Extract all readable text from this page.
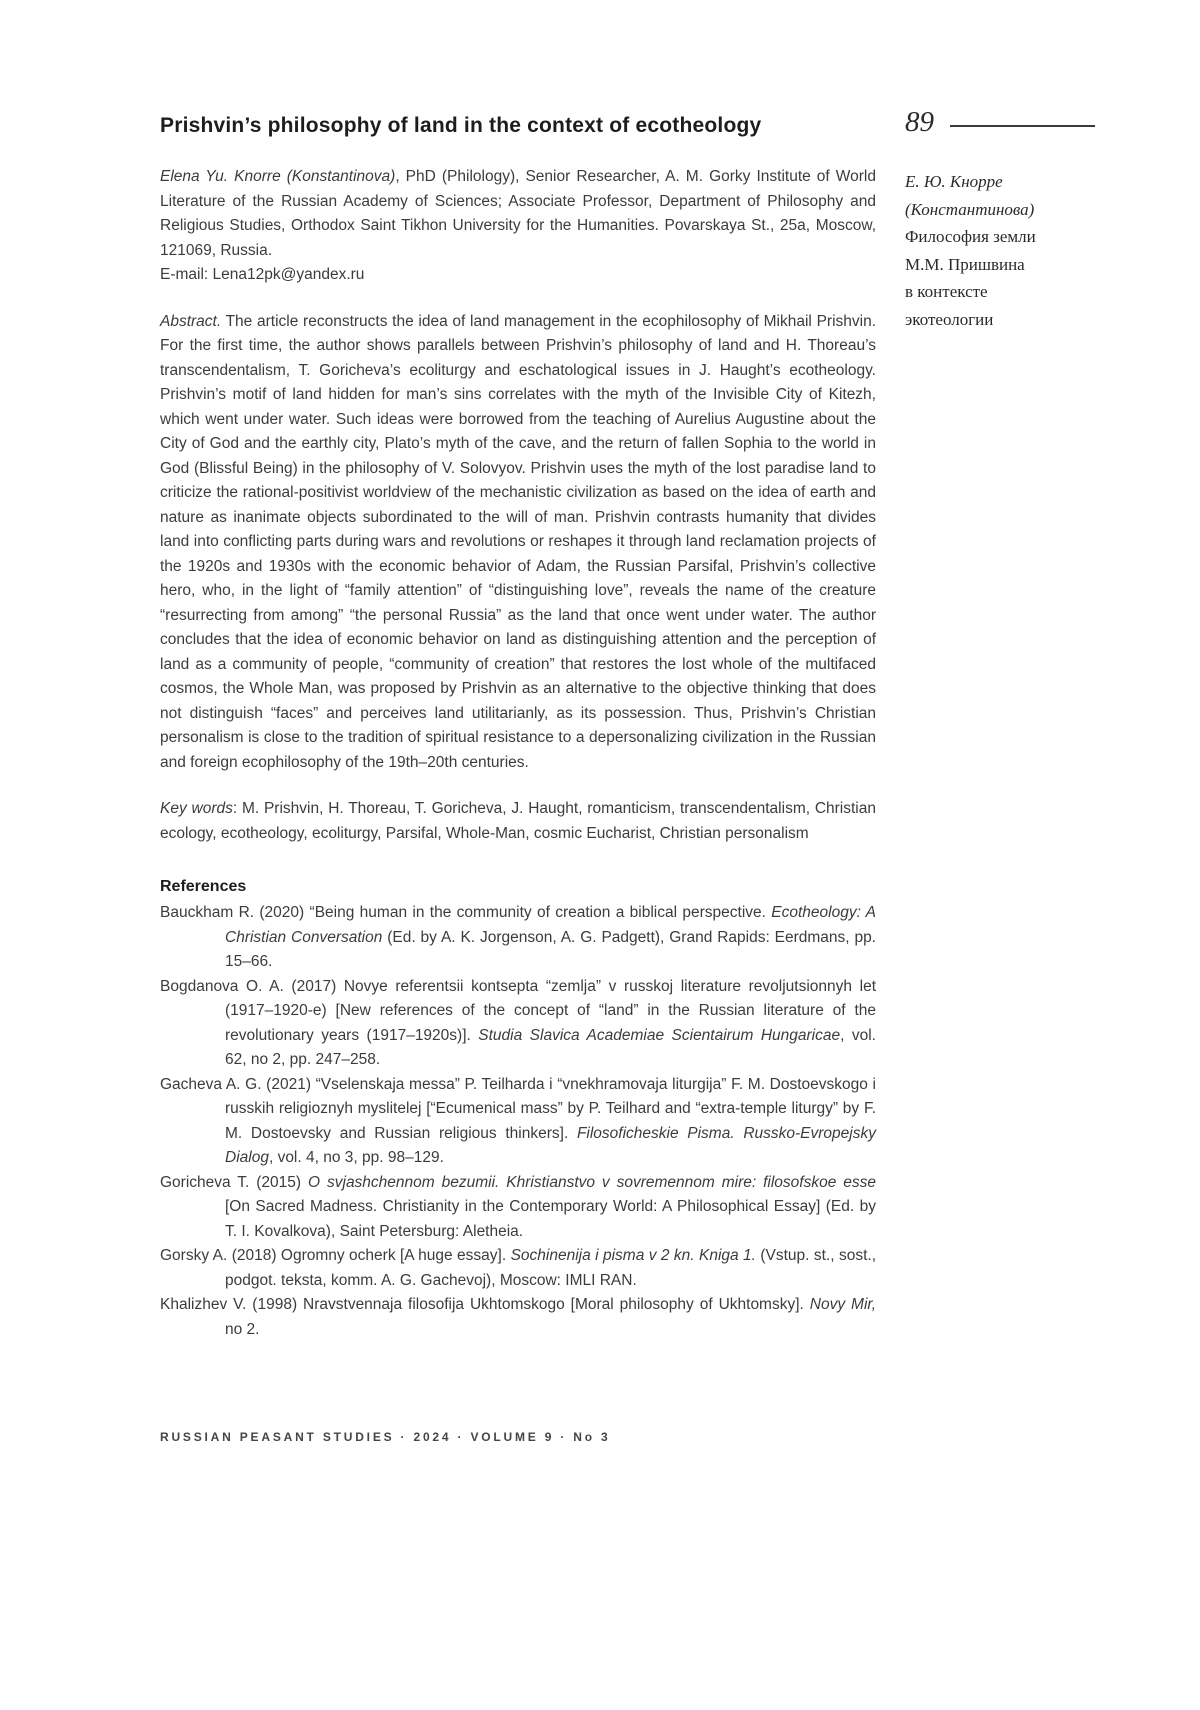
Prishvin’s philosophy of land in the context of ecotheology

Elena Yu. Knorre (Konstantinova), PhD (Philology), Senior Researcher, A. M. Gorky Institute of World Literature of the Russian Academy of Sciences; Associate Professor, Department of Philosophy and Religious Studies, Orthodox Saint Tikhon University for the Humanities. Povarskaya St., 25a, Moscow, 121069, Russia.

E-mail: Lena12pk@yandex.ru

Abstract. The article reconstructs the idea of land management in the ecophilosophy of Mikhail Prishvin. For the first time, the author shows parallels between Prishvin’s philosophy of land and H. Thoreau’s transcendentalism, T. Goricheva’s ecoliturgy and eschatological issues in J. Haught’s ecotheology. Prishvin’s motif of land hidden for man’s sins correlates with the myth of the Invisible City of Kitezh, which went under water. Such ideas were borrowed from the teaching of Aurelius Augustine about the City of God and the earthly city, Plato’s myth of the cave, and the return of fallen Sophia to the world in God (Blissful Being) in the philosophy of V. Solovyov. Prishvin uses the myth of the lost paradise land to criticize the rational-positivist worldview of the mechanistic civilization as based on the idea of earth and nature as inanimate objects subordinated to the will of man. Prishvin contrasts humanity that divides land into conflicting parts during wars and revolutions or reshapes it through land reclamation projects of the 1920s and 1930s with the economic behavior of Adam, the Russian Parsifal, Prishvin’s collective hero, who, in the light of “family attention” of “distinguishing love”, reveals the name of the creature “resurrecting from among” “the personal Russia” as the land that once went under water. The author concludes that the idea of economic behavior on land as distinguishing attention and the perception of land as a community of people, “community of creation” that restores the lost whole of the multifaced cosmos, the Whole Man, was proposed by Prishvin as an alternative to the objective thinking that does not distinguish “faces” and perceives land utilitarianly, as its possession. Thus, Prishvin’s Christian personalism is close to the tradition of spiritual resistance to a depersonalizing civilization in the Russian and foreign ecophilosophy of the 19th–20th centuries.

Key words: M. Prishvin, H. Thoreau, T. Goricheva, J. Haught, romanticism, transcendentalism, Christian ecology, ecotheology, ecoliturgy, Parsifal, Whole-Man, cosmic Eucharist, Christian personalism

References

Bauckham R. (2020) “Being human in the community of creation a biblical perspective. Ecotheology: A Christian Conversation (Ed. by A. K. Jorgenson, A. G. Padgett), Grand Rapids: Eerdmans, pp. 15–66.

Bogdanova O. A. (2017) Novye referentsii kontsepta “zemlja” v russkoj literature revoljutsionnyh let (1917–1920-e) [New references of the concept of “land” in the Russian literature of the revolutionary years (1917–1920s)]. Studia Slavica Academiae Scientairum Hungaricae, vol. 62, no 2, pp. 247–258.

Gacheva A. G. (2021) “Vselenskaja messa” P. Teilharda i “vnekhramovaja liturgija” F. M. Dostoevskogo i russkih religioznyh myslitelej [“Ecumenical mass” by P. Teilhard and “extra-temple liturgy” by F. M. Dostoevsky and Russian religious thinkers]. Filosoficheskie Pisma. Russko-Evropejsky Dialog, vol. 4, no 3, pp. 98–129.

Goricheva T. (2015) O svjashchennom bezumii. Khristianstvo v sovremennom mire: filosofskoe esse [On Sacred Madness. Christianity in the Contemporary World: A Philosophical Essay] (Ed. by T. I. Kovalkova), Saint Petersburg: Aletheia.

Gorsky A. (2018) Ogromny ocherk [A huge essay]. Sochinenija i pisma v 2 kn. Kniga 1. (Vstup. st., sost., podgot. teksta, komm. A. G. Gachevoj), Moscow: IMLI RAN.

Khalizhev V. (1998) Nravstvennaja filosofija Ukhtomskogo [Moral philosophy of Ukhtomsky]. Novy Mir, no 2.

89
Е. Ю. Кнорре
(Константинова)
Философия земли
М.М. Пришвина
в контексте
экотеологии
RUSSIAN PEASANT STUDIES · 2024 · VOLUME 9 · No 3
